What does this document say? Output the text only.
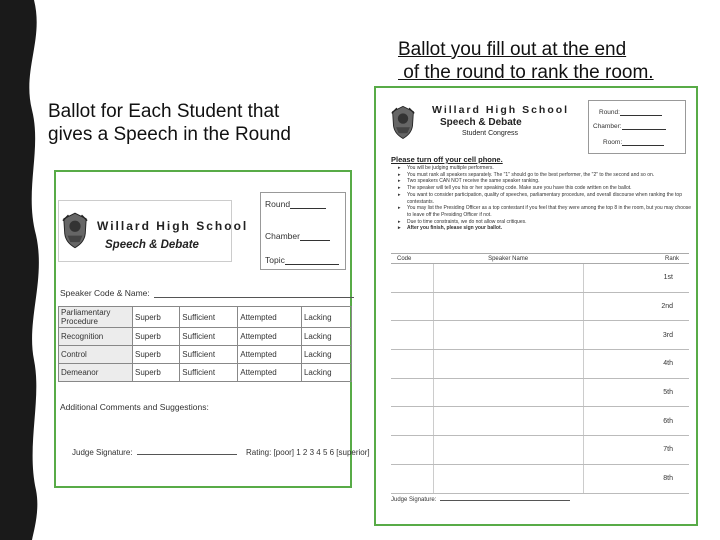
Ballot you fill out at the end
of the round to rank the room.
Ballot for Each Student that
gives a Speech in the Round
Willard High School
Speech & Debate
Round
Chamber
Topic
Speaker Code & Name:
Parliamentary Procedure	Superb	Sufficient	Attempted	Lacking
Recognition	Superb	Sufficient	Attempted	Lacking
Control	Superb	Sufficient	Attempted	Lacking
Demeanor	Superb	Sufficient	Attempted	Lacking
Additional Comments and Suggestions:
Judge Signature:	Rating: [poor] 1 2 3 4 5 6 [superior]
Willard High School
Speech & Debate
Student Congress
Round:
Chamber:
Room:
Please turn off your cell phone.
▸ You will be judging multiple performers.
▸ You must rank all speakers separately. The "1" should go to the best performer, the "2" to the second and so on.
▸ Two speakers CAN NOT receive the same speaker ranking.
▸ The speaker will tell you his or her speaking code. Make sure you have this code written on the ballot.
▸ You want to consider participation, quality of speeches, parliamentary procedure, and overall discourse when ranking the top contestants.
▸ You may list the Presiding Officer as a top contestant if you feel that they were among the top 8 in the room, but you may choose to leave off the Presiding Officer if not.
▸ Due to time constraints, we do not allow oral critiques.
▸ After you finish, please sign your ballot.
Code	Speaker Name	Rank
		1st
		2nd
		3rd
		4th
		5th
		6th
		7th
		8th
Judge Signature:
